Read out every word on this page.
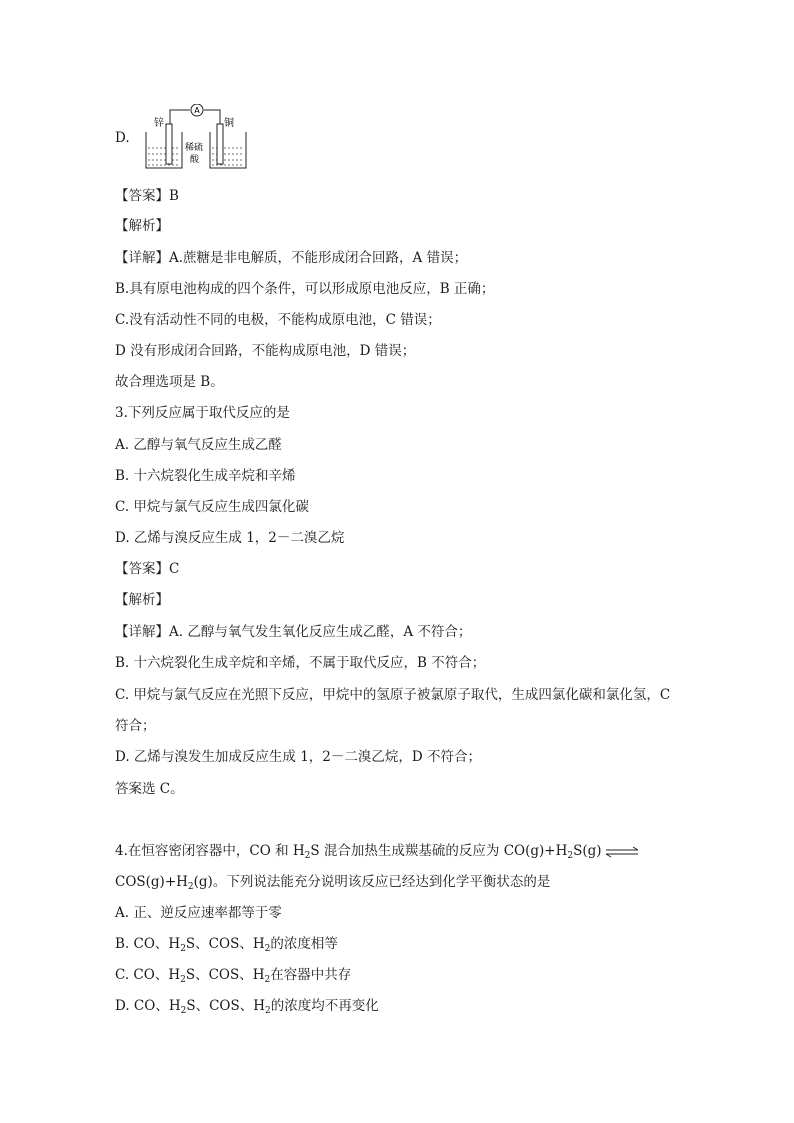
D.
A
锌	铜
稀硫
酸
【答案】B
【解析】
【详解】A.蔗糖是非电解质，不能形成闭合回路，A 错误；
B.具有原电池构成的四个条件，可以形成原电池反应，B 正确；
C.没有活动性不同的电极，不能构成原电池，C 错误；
D 没有形成闭合回路，不能构成原电池，D 错误；
故合理选项是 B。
3.下列反应属于取代反应的是
A. 乙醇与氧气反应生成乙醛
B. 十六烷裂化生成辛烷和辛烯
C. 甲烷与氯气反应生成四氯化碳
D. 乙烯与溴反应生成 1，2－二溴乙烷
【答案】C
【解析】
【详解】A. 乙醇与氧气发生氧化反应生成乙醛，A 不符合；
B. 十六烷裂化生成辛烷和辛烯，不属于取代反应，B 不符合；
C. 甲烷与氯气反应在光照下反应，甲烷中的氢原子被氯原子取代，生成四氯化碳和氯化氢，C
符合；
D. 乙烯与溴发生加成反应生成 1，2－二溴乙烷，D 不符合；
答案选 C。
4.在恒容密闭容器中，CO 和 $H_2S$ 混合加热生成羰基硫的反应为 $CO(g)+H_2S(g)$ ⇌
$COS(g)+H_2(g)$。下列说法能充分说明该反应已经达到化学平衡状态的是
A. 正、逆反应速率都等于零
B. CO、$H_2S$、COS、$H_2$的浓度相等
C. CO、$H_2S$、COS、$H_2$在容器中共存
D. CO、$H_2S$、COS、$H_2$的浓度均不再变化
